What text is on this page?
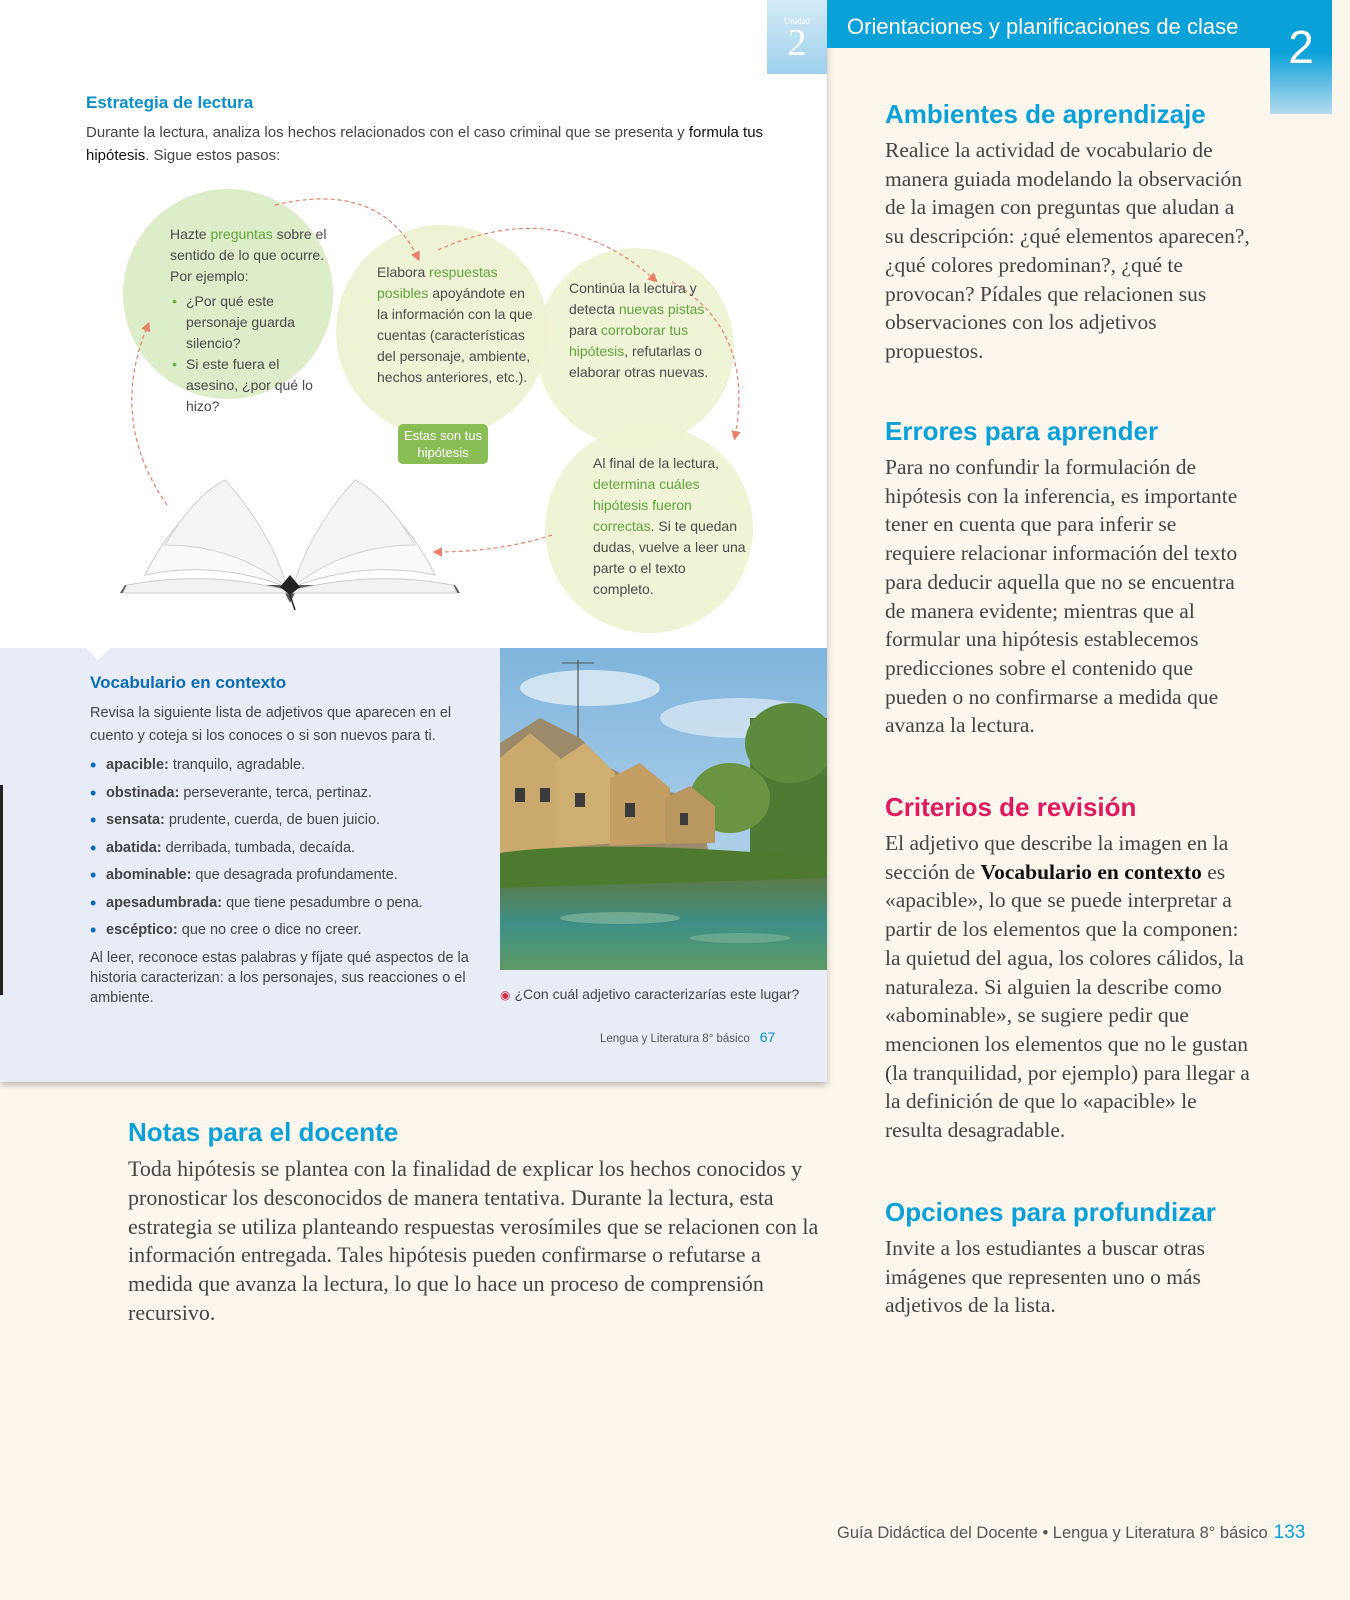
Unidad
2	Orientaciones y planificaciones de clase	2
Estrategia de lectura
Durante la lectura, analiza los hechos relacionados con el caso criminal que se presenta y formula tus hipótesis. Sigue estos pasos:
Hazte preguntas sobre el sentido de lo que ocurre. Por ejemplo:
• ¿Por qué este personaje guarda silencio?
• Si este fuera el asesino, ¿por qué lo hizo?
Elabora respuestas posibles apoyándote en la información con la que cuentas (características del personaje, ambiente, hechos anteriores, etc.).
Continúa la lectura y detecta nuevas pistas para corroborar tus hipótesis, refutarlas o elaborar otras nuevas.
Al final de la lectura, determina cuáles hipótesis fueron correctas. Si te quedan dudas, vuelve a leer una parte o el texto completo.
Estas son tus hipótesis
Vocabulario en contexto
Revisa la siguiente lista de adjetivos que aparecen en el cuento y coteja si los conoces o si son nuevos para ti.
• apacible: tranquilo, agradable.
• obstinada: perseverante, terca, pertinaz.
• sensata: prudente, cuerda, de buen juicio.
• abatida: derribada, tumbada, decaída.
• abominable: que desagrada profundamente.
• apesadumbrada: que tiene pesadumbre o pena.
• escéptico: que no cree o dice no creer.
Al leer, reconoce estas palabras y fíjate qué aspectos de la historia caracterizan: a los personajes, sus reacciones o el ambiente.	◉ ¿Con cuál adjetivo caracterizarías este lugar?
Lengua y Literatura 8° básico 67
Notas para el docente
Toda hipótesis se plantea con la finalidad de explicar los hechos conocidos y pronosticar los desconocidos de manera tentativa. Durante la lectura, esta estrategia se utiliza planteando respuestas verosímiles que se relacionen con la información entregada. Tales hipótesis pueden confirmarse o refutarse a medida que avanza la lectura, lo que lo hace un proceso de comprensión recursivo.
Ambientes de aprendizaje

Realice la actividad de vocabulario de manera guiada modelando la observación de la imagen con preguntas que aludan a su descripción: ¿qué elementos aparecen?, ¿qué colores predominan?, ¿qué te provocan? Pídales que relacionen sus observaciones con los adjetivos propuestos.

Errores para aprender

Para no confundir la formulación de hipótesis con la inferencia, es importante tener en cuenta que para inferir se requiere relacionar información del texto para deducir aquella que no se encuentra de manera evidente; mientras que al formular una hipótesis establecemos predicciones sobre el contenido que pueden o no confirmarse a medida que avanza la lectura.

Criterios de revisión

El adjetivo que describe la imagen en la sección de Vocabulario en contexto es «apacible», lo que se puede interpretar a partir de los elementos que la componen: la quietud del agua, los colores cálidos, la naturaleza. Si alguien la describe como «abominable», se sugiere pedir que mencionen los elementos que no le gustan (la tranquilidad, por ejemplo) para llegar a la definición de que lo «apacible» le resulta desagradable.

Opciones para profundizar

Invite a los estudiantes a buscar otras imágenes que representen uno o más adjetivos de la lista.

Guía Didáctica del Docente • Lengua y Literatura 8° básico 133
